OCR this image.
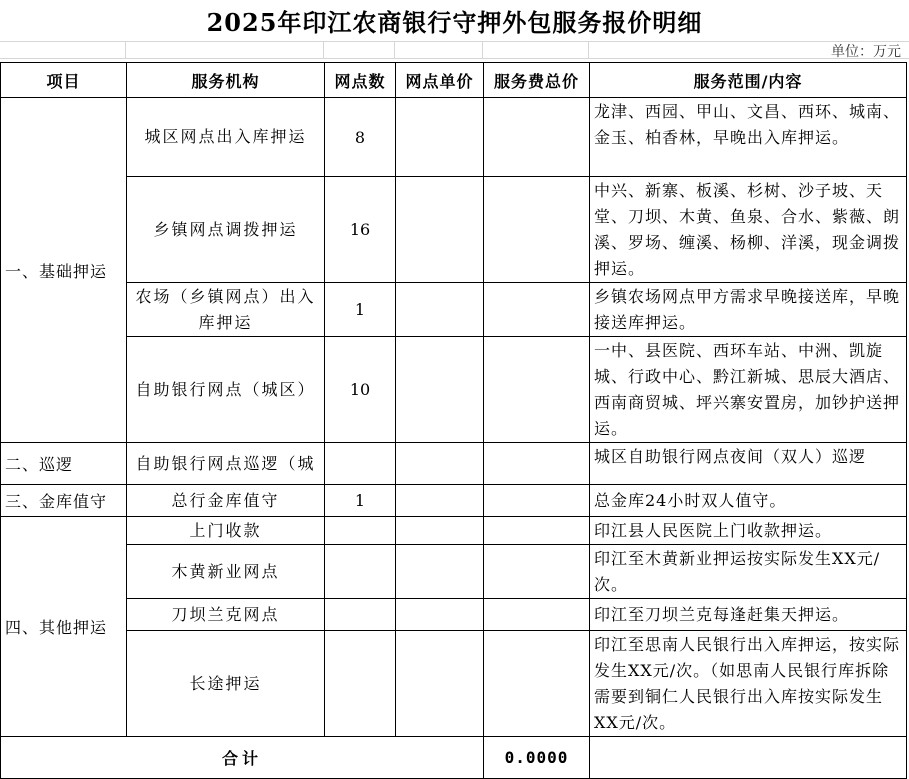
2025年印江农商银行守押外包服务报价明细
单位：万元
项目	服务机构	网点数	网点单价	服务费总价	服务范围/内容
一、基础押运	城区网点出入库押运	8			龙津、西园、甲山、文昌、西环、城南、金玉、柏香林，早晚出入库押运。
	乡镇网点调拨押运	16			中兴、新寨、板溪、杉树、沙子坡、天堂、刀坝、木黄、鱼泉、合水、紫薇、朗溪、罗场、缠溪、杨柳、洋溪，现金调拨押运。
	农场（乡镇网点）出入库押运	1			乡镇农场网点甲方需求早晚接送库，早晚接送库押运。
	自助银行网点（城区）	10			一中、县医院、西环车站、中洲、凯旋城、行政中心、黔江新城、思辰大酒店、西南商贸城、坪兴寨安置房，加钞护送押运。
二、巡逻	自助银行网点巡逻（城				城区自助银行网点夜间（双人）巡逻
三、金库值守	总行金库值守	1			总金库24小时双人值守。
四、其他押运	上门收款				印江县人民医院上门收款押运。
	木黄新业网点				印江至木黄新业押运按实际发生XX元/次。
	刀坝兰克网点				印江至刀坝兰克每逢赶集天押运。
	长途押运				印江至思南人民银行出入库押运，按实际发生XX元/次。（如思南人民银行库拆除需要到铜仁人民银行出入库按实际发生XX元/次。
合计				0.0000	
